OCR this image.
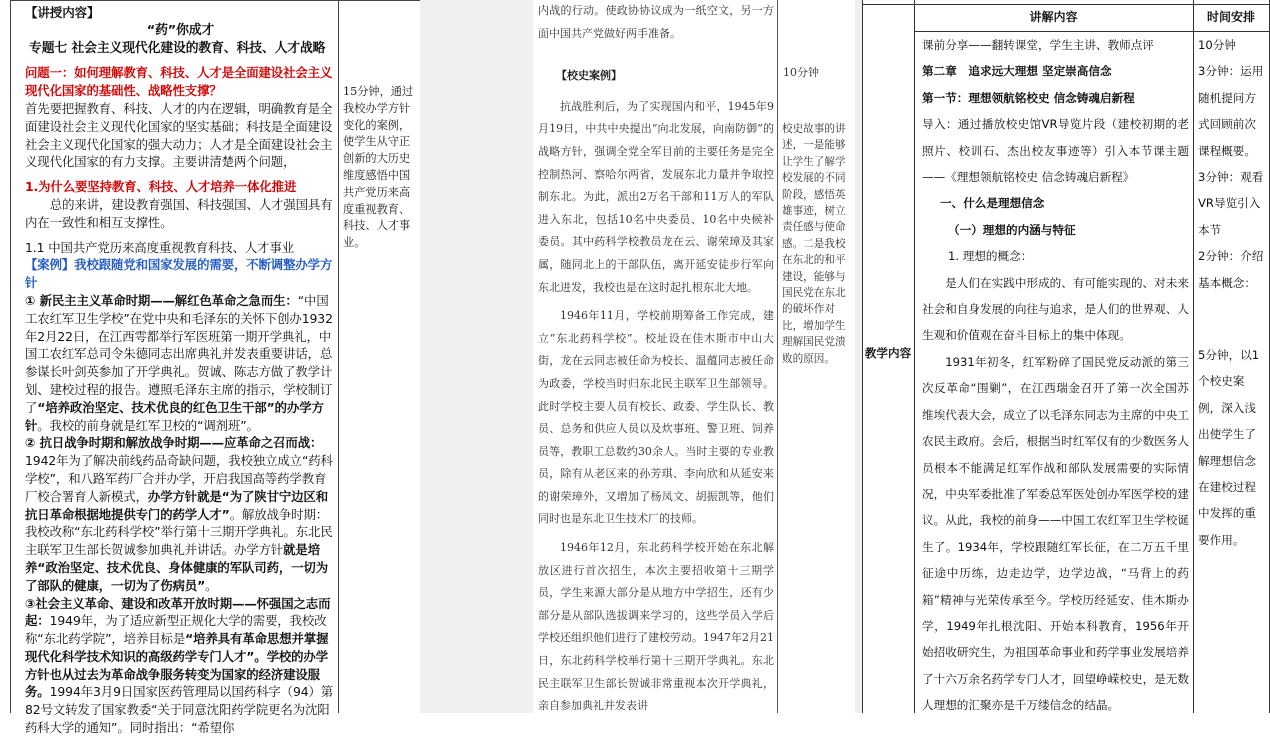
【讲授内容】
“药”你成才
专题七 社会主义现代化建设的教育、科技、人才战略
问题一：如何理解教育、科技、人才是全面建设社会主义现代化国家的基础性、战略性支撑？
首先要把握教育、科技、人才的内在逻辑，明确教育是全面建设社会主义现代化国家的坚实基础；科技是全面建设社会主义现代化国家的强大动力；人才是全面建设社会主义现代化国家的有力支撑。主要讲清楚两个问题，
1.为什么要坚持教育、科技、人才培养一体化推进
总的来讲，建设教育强国、科技强国、人才强国具有内在一致性和相互支撑性。
1.1 中国共产党历来高度重视教育科技、人才事业
【案例】我校跟随党和国家发展的需要，不断调整办学方针
① 新民主主义革命时期——解红色革命之急而生：“中国工农红军卫生学校”在党中央和毛泽东的关怀下创办1932年2月22日，在江西雩都举行军医班第一期开学典礼，中国工农红军总司令朱德同志出席典礼并发表重要讲话，总参谋长叶剑英参加了开学典礼。贺诚、陈志方做了教学计划、建校过程的报告。遵照毛泽东主席的指示，学校制订了“培养政治坚定、技术优良的红色卫生干部”的办学方针。我校的前身就是红军卫校的“调剂班”。
② 抗日战争时期和解放战争时期——应革命之召而战：1942年为了解决前线药品奇缺问题，我校独立成立“药科学校”，和八路军药厂合并办学，开启我国高等药学教育厂校合署育人新模式，办学方针就是“为了陕甘宁边区和抗日革命根据地提供专门的药学人才”。解放战争时期：我校改称“东北药科学校”举行第十三期开学典礼。东北民主联军卫生部长贺诚参加典礼并讲话。办学方针就是培养“政治坚定、技术优良、身体健康的军队司药，一切为了部队的健康，一切为了伤病员”。
③社会主义革命、建设和改革开放时期——怀强国之志而起：1949年，为了适应新型正规化大学的需要，我校改称“东北药学院”，培养目标是“培养具有革命思想并掌握现代化科学技术知识的高级药学专门人才”。学校的办学方针也从过去为革命战争服务转变为国家的经济建设服务。1994年3月9日国家医药管理局以国药科字（94）第82号文转发了国家教委“关于同意沈阳药学院更名为沈阳药科大学的通知”。同时指出：“希望你
15分钟，通过我校办学方针变化的案例，使学生从守正创新的大历史维度感悟中国共产党历来高度重视教育、科技、人才事业。
内战的行动。使政协协议成为一纸空文，另一方面中国共产党做好两手准备。
【校史案例】
抗战胜利后，为了实现国内和平，1945年9月19日，中共中央提出“向北发展，向南防御”的战略方针，强调全党全军目前的主要任务是完全控制热河、察哈尔两省，发展东北力量并争取控制东北。为此，派出2万名干部和11万人的军队进入东北，包括10名中央委员、10名中央候补委员。其中药科学校教员龙在云、谢荣璋及其家属，随同北上的干部队伍，离开延安徒步行军向东北进发，我校也是在这时起扎根东北大地。
1946年11月，学校前期筹备工作完成，建立“东北药科学校”。校址设在佳木斯市中山大街，龙在云同志被任命为校长、温蕴同志被任命为政委，学校当时归东北民主联军卫生部领导。此时学校主要人员有校长、政委、学生队长、教员、总务和供应人员以及炊事班、警卫班、饲养员等，教职工总数约30余人。当时主要的专业教员，除有从老区来的孙芳琪、李向欣和从延安来的谢荣璋外，又增加了杨凤文、胡振凯等，他们同时也是东北卫生技术厂的技师。
1946年12月，东北药科学校开始在东北解放区进行首次招生，本次主要招收第十三期学员，学生来源大部分是从地方中学招生，还有少部分是从部队选拔调来学习的，这些学员入学后学校还组织他们进行了建校劳动。1947年2月21日，东北药科学校举行第十三期开学典礼。东北民主联军卫生部长贺诚非常重视本次开学典礼，亲自参加典礼并发表讲
10分钟
校史故事的讲述，一是能够让学生了解学校发展的不同阶段，感悟英雄事迹，树立责任感与使命感。二是我校在东北的和平建设，能够与国民党在东北的破坏作对比，增加学生理解国民党溃败的原因。
讲解内容	时间安排
教学内容
课前分享——翻转课堂，学生主讲、教师点评
第二章　追求远大理想 坚定崇高信念
第一节：理想领航铭校史 信念铸魂启新程
导入：通过播放校史馆VR导览片段（建校初期的老照片、校训石、杰出校友事迹等）引入本节课主题——《理想领航铭校史 信念铸魂启新程》
一、什么是理想信念
（一）理想的内涵与特征
1. 理想的概念：
是人们在实践中形成的、有可能实现的、对未来社会和自身发展的向往与追求，是人们的世界观、人生观和价值观在奋斗目标上的集中体现。
1931年初冬，红军粉碎了国民党反动派的第三次反革命“围剿”，在江西瑞金召开了第一次全国苏维埃代表大会，成立了以毛泽东同志为主席的中央工农民主政府。会后，根据当时红军仅有的少数医务人员根本不能满足红军作战和部队发展需要的实际情况，中央军委批准了军委总军医处创办军医学校的建议。从此，我校的前身——中国工农红军卫生学校诞生了。1934年，学校跟随红军长征，在二万五千里征途中历练，边走边学，边学边战，“马背上的药箱”精神与光荣传承至今。学校历经延安、佳木斯办学，1949年扎根沈阳、开始本科教育，1956年开始招收研究生，为祖国革命事业和药学事业发展培养了十六万余名药学专门人才，回望峥嵘校史，是无数人理想的汇聚亦是千万缕信念的结晶。
10分钟
3分钟：运用随机提问方式回顾前次课程概要。
3分钟：观看VR导览引入本节
2分钟：介绍基本概念：
5分钟，以1个校史案例，深入浅出使学生了解理想信念在建校过程中发挥的重要作用。
